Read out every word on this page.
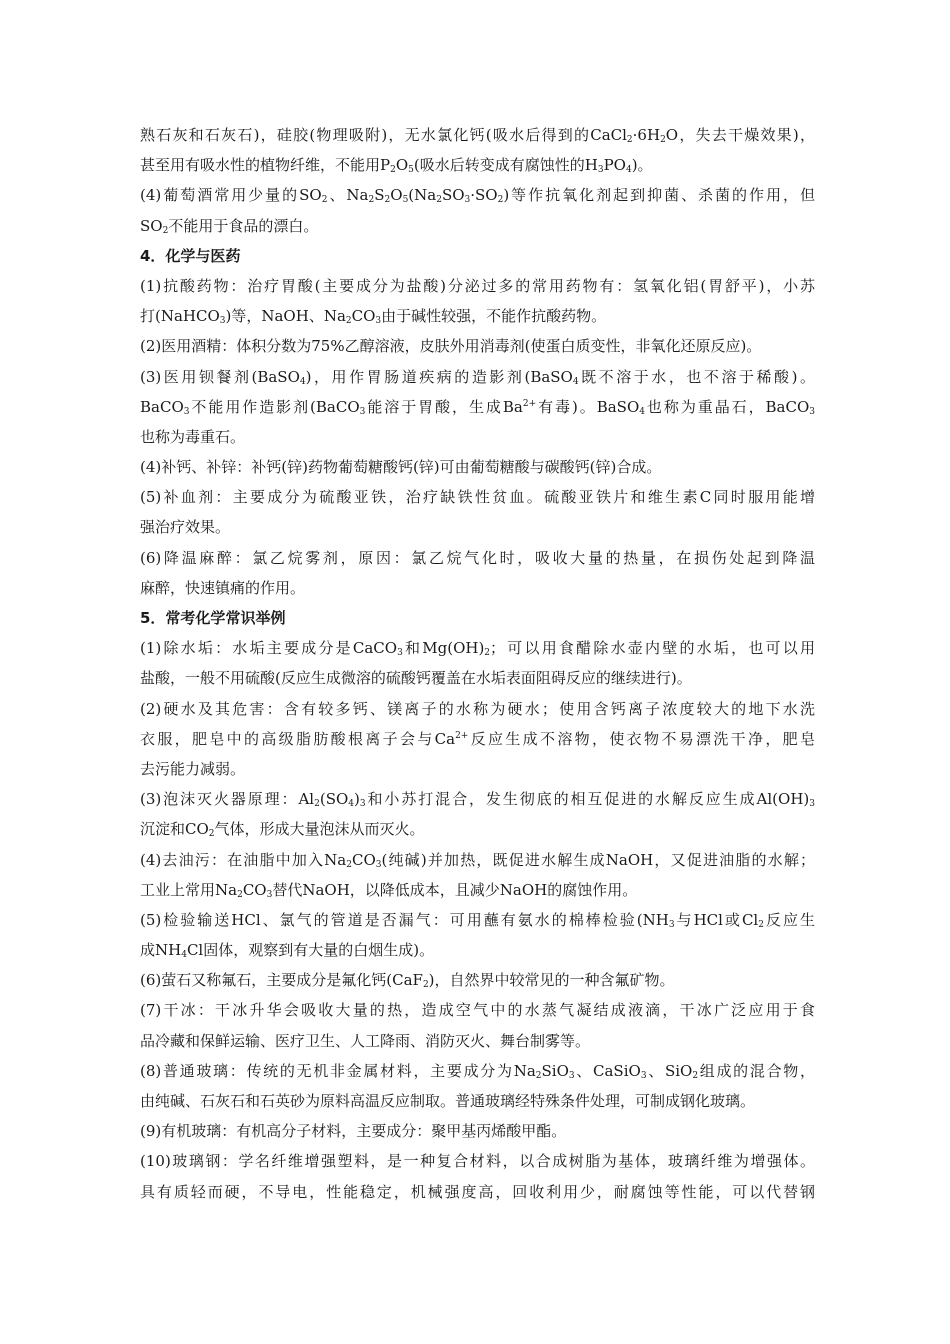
熟石灰和石灰石)，硅胶(物理吸附)，无水氯化钙(吸水后得到的$CaCl_2\cdot 6H_2O$，失去干燥效果)，
甚至用有吸水性的植物纤维，不能用$P_2O_5$(吸水后转变成有腐蚀性的$H_3PO_4$)。
(4)葡萄酒常用少量的$SO_2$、$Na_2S_2O_5(Na_2SO_3\cdot SO_2)$等作抗氧化剂起到抑菌、杀菌的作用，但
$SO_2$不能用于食品的漂白。
4．化学与医药
(1)抗酸药物：治疗胃酸(主要成分为盐酸)分泌过多的常用药物有：氢氧化铝(胃舒平)，小苏
打(NaHCO$_3$)等，NaOH、$Na_2CO_3$由于碱性较强，不能作抗酸药物。
(2)医用酒精：体积分数为75%乙醇溶液，皮肤外用消毒剂(使蛋白质变性，非氧化还原反应)。
(3)医用钡餐剂(BaSO$_4$)，用作胃肠道疾病的造影剂(BaSO$_4$既不溶于水，也不溶于稀酸)。
BaCO$_3$不能用作造影剂(BaCO$_3$能溶于胃酸，生成$Ba^{2+}$有毒)。BaSO$_4$也称为重晶石，BaCO$_3$
也称为毒重石。
(4)补钙、补锌：补钙(锌)药物葡萄糖酸钙(锌)可由葡萄糖酸与碳酸钙(锌)合成。
(5)补血剂：主要成分为硫酸亚铁，治疗缺铁性贫血。硫酸亚铁片和维生素C同时服用能增
强治疗效果。
(6)降温麻醉：氯乙烷雾剂，原因：氯乙烷气化时，吸收大量的热量，在损伤处起到降温
麻醉，快速镇痛的作用。
5．常考化学常识举例
(1)除水垢：水垢主要成分是CaCO$_3$和$Mg(OH)_2$；可以用食醋除水壶内壁的水垢，也可以用
盐酸，一般不用硫酸(反应生成微溶的硫酸钙覆盖在水垢表面阻碍反应的继续进行)。
(2)硬水及其危害：含有较多钙、镁离子的水称为硬水；使用含钙离子浓度较大的地下水洗
衣服，肥皂中的高级脂肪酸根离子会与$Ca^{2+}$反应生成不溶物，使衣物不易漂洗干净，肥皂
去污能力减弱。
(3)泡沫灭火器原理：$Al_2(SO_4)_3$和小苏打混合，发生彻底的相互促进的水解反应生成$Al(OH)_3$
沉淀和$CO_2$气体，形成大量泡沫从而灭火。
(4)去油污：在油脂中加入$Na_2CO_3$(纯碱)并加热，既促进水解生成NaOH，又促进油脂的水解；
工业上常用$Na_2CO_3$替代NaOH，以降低成本，且减少NaOH的腐蚀作用。
(5)检验输送HCl、氯气的管道是否漏气：可用蘸有氨水的棉棒检验($NH_3$与HCl或$Cl_2$反应生
成$NH_4Cl$固体，观察到有大量的白烟生成)。
(6)萤石又称氟石，主要成分是氟化钙(CaF$_2$)，自然界中较常见的一种含氟矿物。
(7)干冰：干冰升华会吸收大量的热，造成空气中的水蒸气凝结成液滴，干冰广泛应用于食
品冷藏和保鲜运输、医疗卫生、人工降雨、消防灭火、舞台制雾等。
(8)普通玻璃：传统的无机非金属材料，主要成分为$Na_2SiO_3$、CaSiO$_3$、SiO$_2$组成的混合物，
由纯碱、石灰石和石英砂为原料高温反应制取。普通玻璃经特殊条件处理，可制成钢化玻璃。
(9)有机玻璃：有机高分子材料，主要成分：聚甲基丙烯酸甲酯。
(10)玻璃钢：学名纤维增强塑料，是一种复合材料，以合成树脂为基体，玻璃纤维为增强体。
具有质轻而硬，不导电，性能稳定，机械强度高，回收利用少，耐腐蚀等性能，可以代替钢
